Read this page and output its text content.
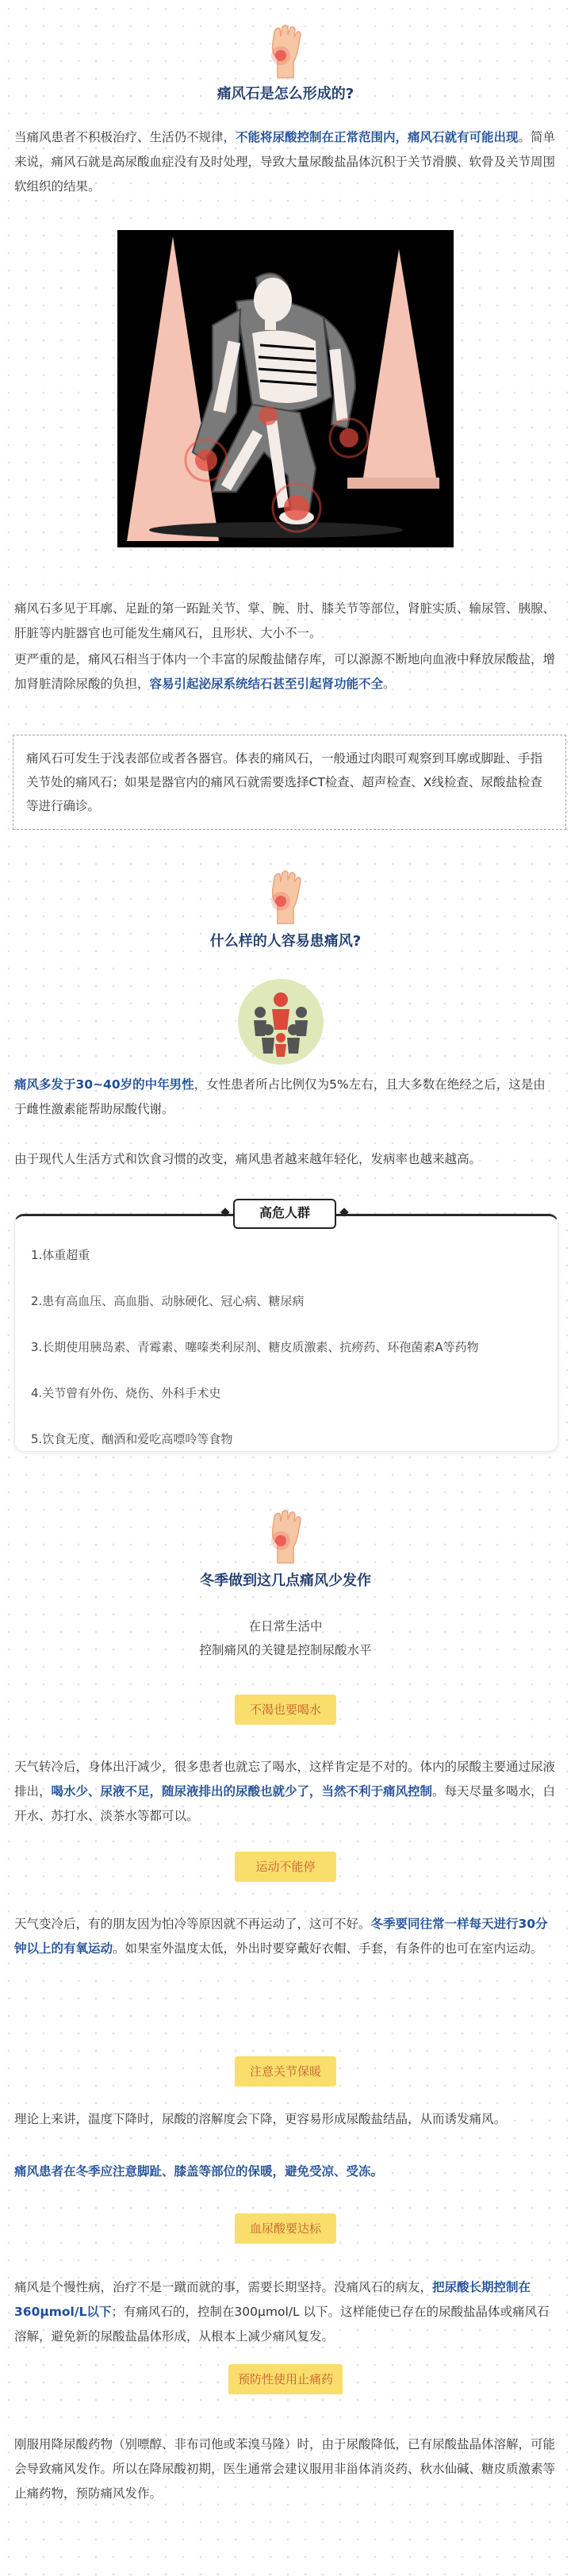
痛风石是怎么形成的?

当痛风患者不积极治疗、生活仍不规律，不能将尿酸控制在正常范围内，痛风石就有可能出现。简单来说，痛风石就是高尿酸血症没有及时处理，导致大量尿酸盐晶体沉积于关节滑膜、软骨及关节周围软组织的结果。

痛风石多见于耳廓、足趾的第一跖趾关节、掌、腕、肘、膝关节等部位，肾脏实质、输尿管、胰腺、肝脏等内脏器官也可能发生痛风石，且形状、大小不一。

更严重的是，痛风石相当于体内一个丰富的尿酸盐储存库，可以源源不断地向血液中释放尿酸盐，增加肾脏清除尿酸的负担，容易引起泌尿系统结石甚至引起肾功能不全。

痛风石可发生于浅表部位或者各器官。体表的痛风石，一般通过肉眼可观察到耳廓或脚趾、手指关节处的痛风石；如果是器官内的痛风石就需要选择CT检查、超声检查、X线检查、尿酸盐检查等进行确诊。
什么样的人容易患痛风?

痛风多发于30~40岁的中年男性，女性患者所占比例仅为5%左右，且大多数在绝经之后，这是由于雌性激素能帮助尿酸代谢。

由于现代人生活方式和饮食习惯的改变，痛风患者越来越年轻化，发病率也越来越高。

1.体重超重
2.患有高血压、高血脂、动脉硬化、冠心病、糖尿病
3.长期使用胰岛素、青霉素、噻嗪类利尿剂、糖皮质激素、抗痨药、环孢菌素A等药物
4.关节曾有外伤、烧伤、外科手术史
5.饮食无度、酗酒和爱吃高嘌呤等食物
高危人群
冬季做到这几点痛风少发作
在日常生活中
控制痛风的关键是控制尿酸水平
不渴也要喝水

天气转冷后，身体出汗减少，很多患者也就忘了喝水，这样肯定是不对的。体内的尿酸主要通过尿液排出，喝水少、尿液不足，随尿液排出的尿酸也就少了，当然不利于痛风控制。每天尽量多喝水，白开水、苏打水、淡茶水等都可以。

运动不能停

天气变冷后，有的朋友因为怕冷等原因就不再运动了，这可不好。冬季要同往常一样每天进行30分钟以上的有氧运动。如果室外温度太低，外出时要穿戴好衣帽、手套，有条件的也可在室内运动。

注意关节保暖

理论上来讲，温度下降时，尿酸的溶解度会下降，更容易形成尿酸盐结晶，从而诱发痛风。

痛风患者在冬季应注意脚趾、膝盖等部位的保暖，避免受凉、受冻。

血尿酸要达标

痛风是个慢性病，治疗不是一蹴而就的事，需要长期坚持。没痛风石的病友，把尿酸长期控制在360μmol/L以下；有痛风石的，控制在300μmol/L 以下。这样能使已存在的尿酸盐晶体或痛风石溶解，避免新的尿酸盐晶体形成，从根本上减少痛风复发。

预防性使用止痛药

刚服用降尿酸药物（别嘌醇、非布司他或苯溴马隆）时，由于尿酸降低，已有尿酸盐晶体溶解，可能会导致痛风发作。所以在降尿酸初期，医生通常会建议服用非甾体消炎药、秋水仙碱、糖皮质激素等止痛药物，预防痛风发作。
